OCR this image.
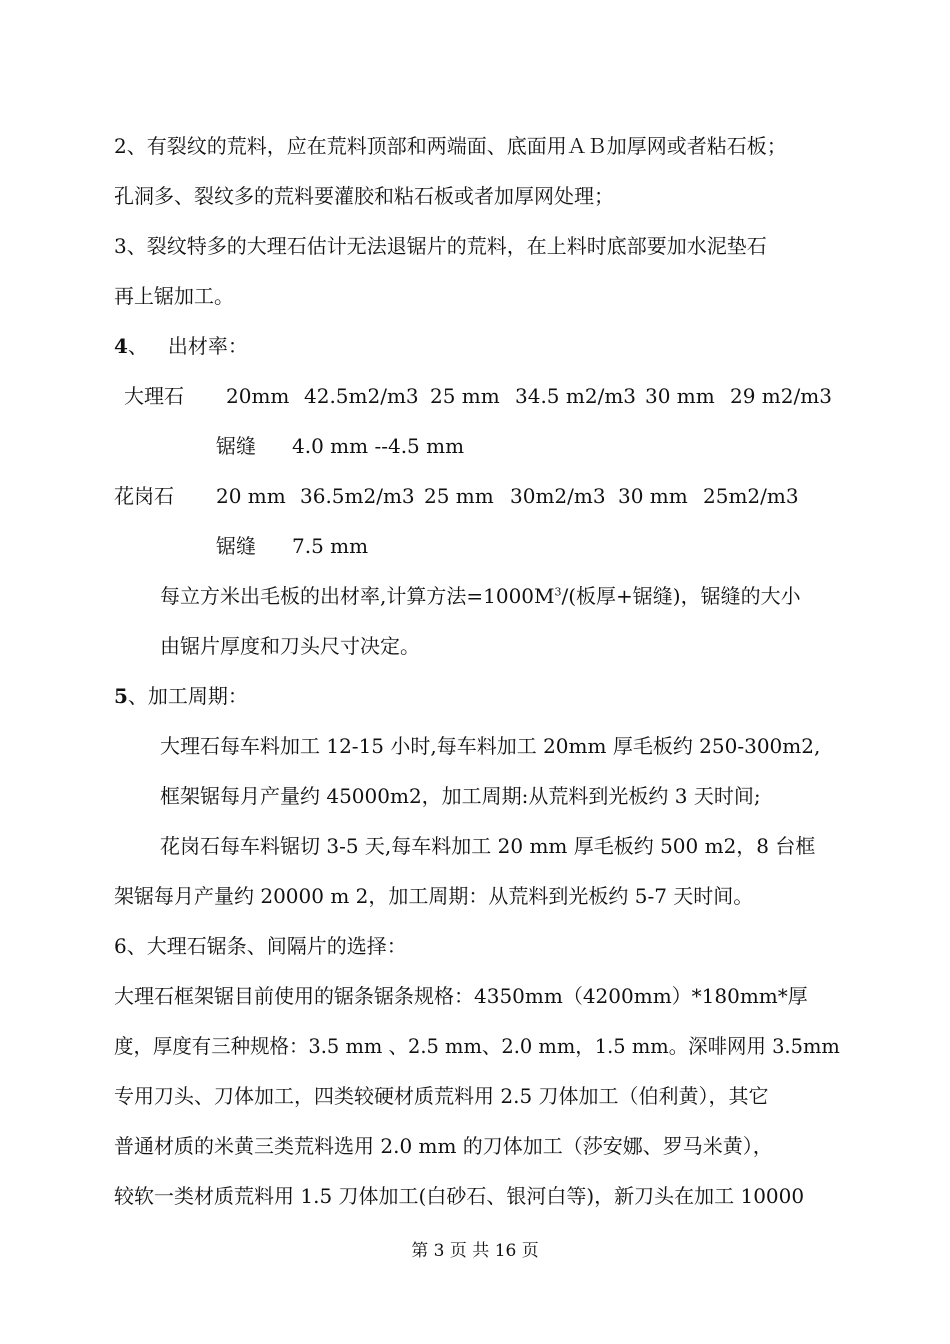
2、有裂纹的荒料，应在荒料顶部和两端面、底面用ＡＢ加厚网或者粘石板；

孔洞多、裂纹多的荒料要灌胶和粘石板或者加厚网处理；

3、裂纹特多的大理石估计无法退锯片的荒料，在上料时底部要加水泥垫石

再上锯加工。

4、 出材率：

大理石 20mm 42.5m2/m3 25 mm 34.5 m2/m3 30 mm 29 m2/m3
锯缝 4.0 mm --4.5 mm
花岗石 20 mm 36.5m2/m3 25 mm 30m2/m3 30 mm 25m2/m3
锯缝 7.5 mm

每立方米出毛板的出材率,计算方法$=1000M^3/$(板厚+锯缝)，锯缝的大小

由锯片厚度和刀头尺寸决定。

5、加工周期：

大理石每车料加工 12-15 小时,每车料加工 20mm 厚毛板约 250-300m2,

框架锯每月产量约 45000m2，加工周期:从荒料到光板约 3 天时间;

花岗石每车料锯切 3-5 天,每车料加工 20 mm 厚毛板约 500 m2，8 台框

架锯每月产量约 20000 m 2，加工周期：从荒料到光板约 5-7 天时间。

6、大理石锯条、间隔片的选择：

大理石框架锯目前使用的锯条锯条规格：4350mm（4200mm）*180mm*厚

度，厚度有三种规格：3.5 mm 、2.5 mm、2.0 mm，1.5 mm。深啡网用 3.5mm

专用刀头、刀体加工，四类较硬材质荒料用 2.5 刀体加工（伯利黄），其它

普通材质的米黄三类荒料选用 2.0 mm 的刀体加工（莎安娜、罗马米黄），

较软一类材质荒料用 1.5 刀体加工(白砂石、银河白等)，新刀头在加工 10000

第 3 页 共 16 页
